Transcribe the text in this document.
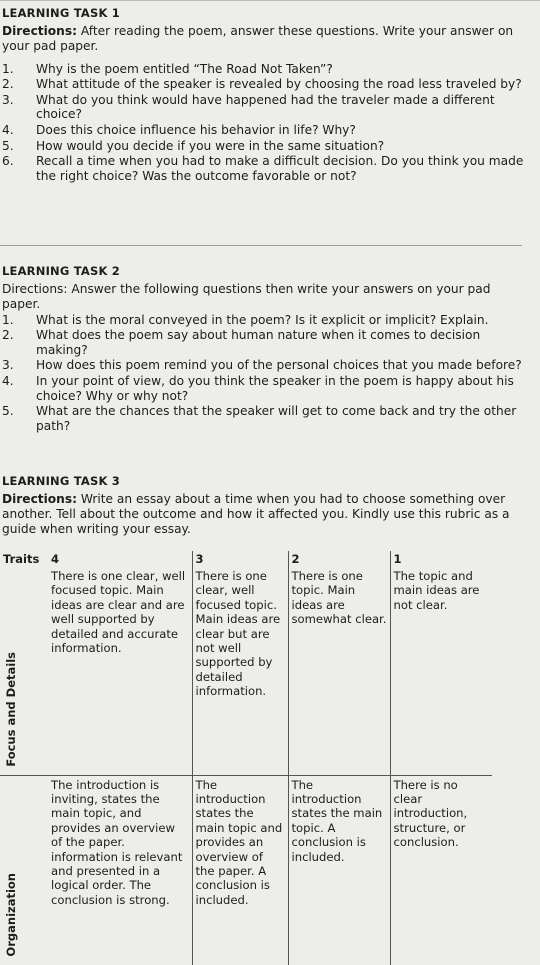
LEARNING TASK 1
Directions: After reading the poem, answer these questions. Write your answer on your pad paper.
1. Why is the poem entitled “The Road Not Taken”?
2. What attitude of the speaker is revealed by choosing the road less traveled by?
3. What do you think would have happened had the traveler made a different choice?
4. Does this choice influence his behavior in life? Why?
5. How would you decide if you were in the same situation?
6. Recall a time when you had to make a difficult decision. Do you think you made the right choice? Was the outcome favorable or not?
LEARNING TASK 2
Directions: Answer the following questions then write your answers on your pad paper.
1. What is the moral conveyed in the poem? Is it explicit or implicit? Explain.
2. What does the poem say about human nature when it comes to decision making?
3. How does this poem remind you of the personal choices that you made before?
4. In your point of view, do you think the speaker in the poem is happy about his choice? Why or why not?
5. What are the chances that the speaker will get to come back and try the other path?
LEARNING TASK 3
Directions: Write an essay about a time when you had to choose something over another. Tell about the outcome and how it affected you. Kindly use this rubric as a guide when writing your essay.
Traits	4	3	2	1

Focus and Details	There is one clear, well focused topic. Main ideas are clear and are well supported by detailed and accurate information.	There is one clear, well focused topic. Main ideas are clear but are not well supported by detailed information.	There is one topic. Main ideas are somewhat clear.	The topic and main ideas are not clear.

Organization	The introduction is inviting, states the main topic, and provides an overview of the paper. information is relevant and presented in a logical order. The conclusion is strong.	The introduction states the main topic and provides an overview of the paper. A conclusion is included.	The introduction states the main topic. A conclusion is included.	There is no clear introduction, structure, or conclusion.
